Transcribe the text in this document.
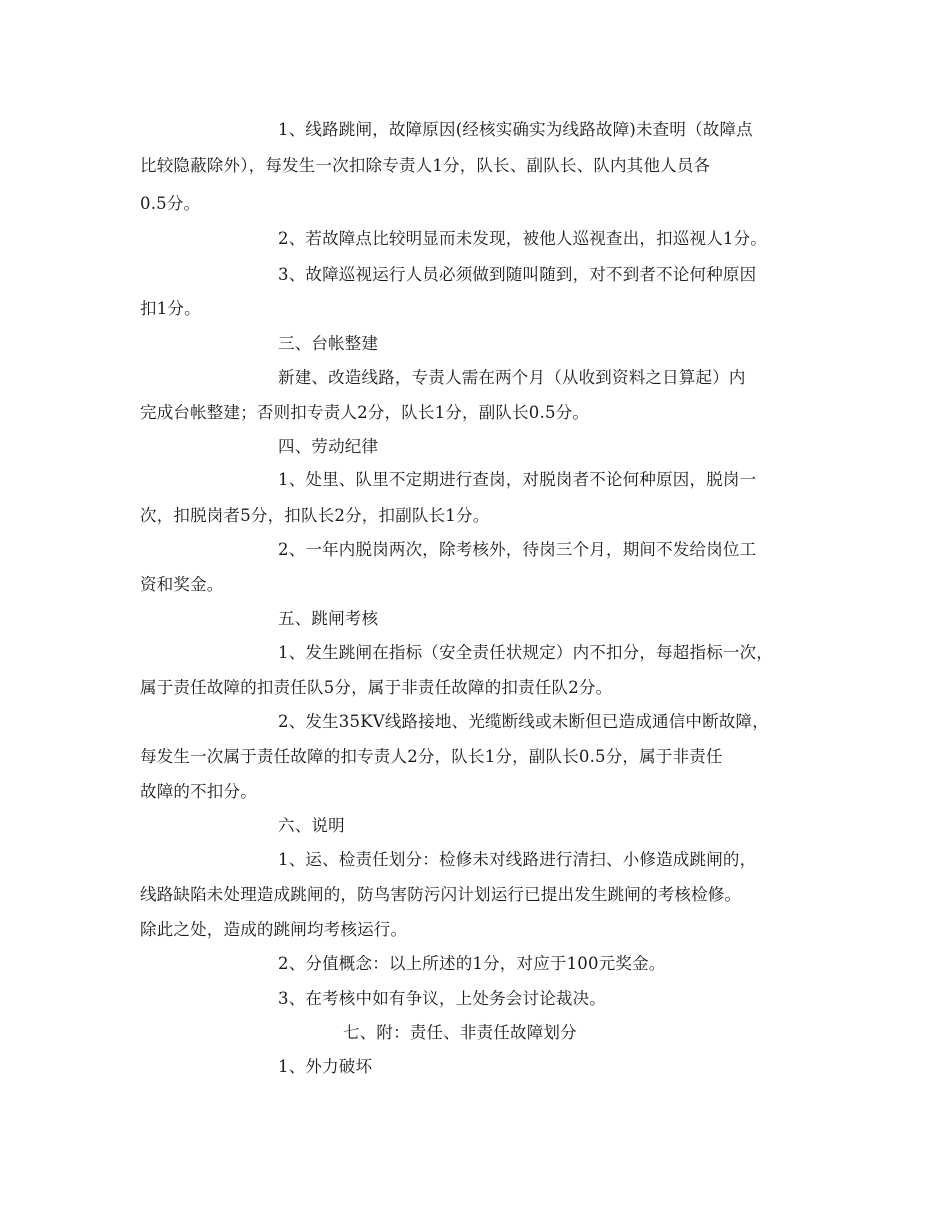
1、线路跳闸，故障原因(经核实确实为线路故障)未查明（故障点
比较隐蔽除外），每发生一次扣除专责人1分，队长、副队长、队内其他人员各
0.5分。
2、若故障点比较明显而未发现，被他人巡视查出，扣巡视人1分。
3、故障巡视运行人员必须做到随叫随到，对不到者不论何种原因
扣1分。
三、台帐整建
新建、改造线路，专责人需在两个月（从收到资料之日算起）内
完成台帐整建；否则扣专责人2分，队长1分，副队长0.5分。
四、劳动纪律
1、处里、队里不定期进行查岗，对脱岗者不论何种原因，脱岗一
次，扣脱岗者5分，扣队长2分，扣副队长1分。
2、一年内脱岗两次，除考核外，待岗三个月，期间不发给岗位工
资和奖金。
五、跳闸考核
1、发生跳闸在指标（安全责任状规定）内不扣分，每超指标一次，
属于责任故障的扣责任队5分，属于非责任故障的扣责任队2分。
2、发生35KV线路接地、光缆断线或未断但已造成通信中断故障，
每发生一次属于责任故障的扣专责人2分，队长1分，副队长0.5分，属于非责任
故障的不扣分。
六、说明
1、运、检责任划分：检修未对线路进行清扫、小修造成跳闸的，
线路缺陷未处理造成跳闸的，防鸟害防污闪计划运行已提出发生跳闸的考核检修。
除此之处，造成的跳闸均考核运行。
2、分值概念：以上所述的1分，对应于100元奖金。
3、在考核中如有争议，上处务会讨论裁决。
七、附：责任、非责任故障划分
1、外力破坏
